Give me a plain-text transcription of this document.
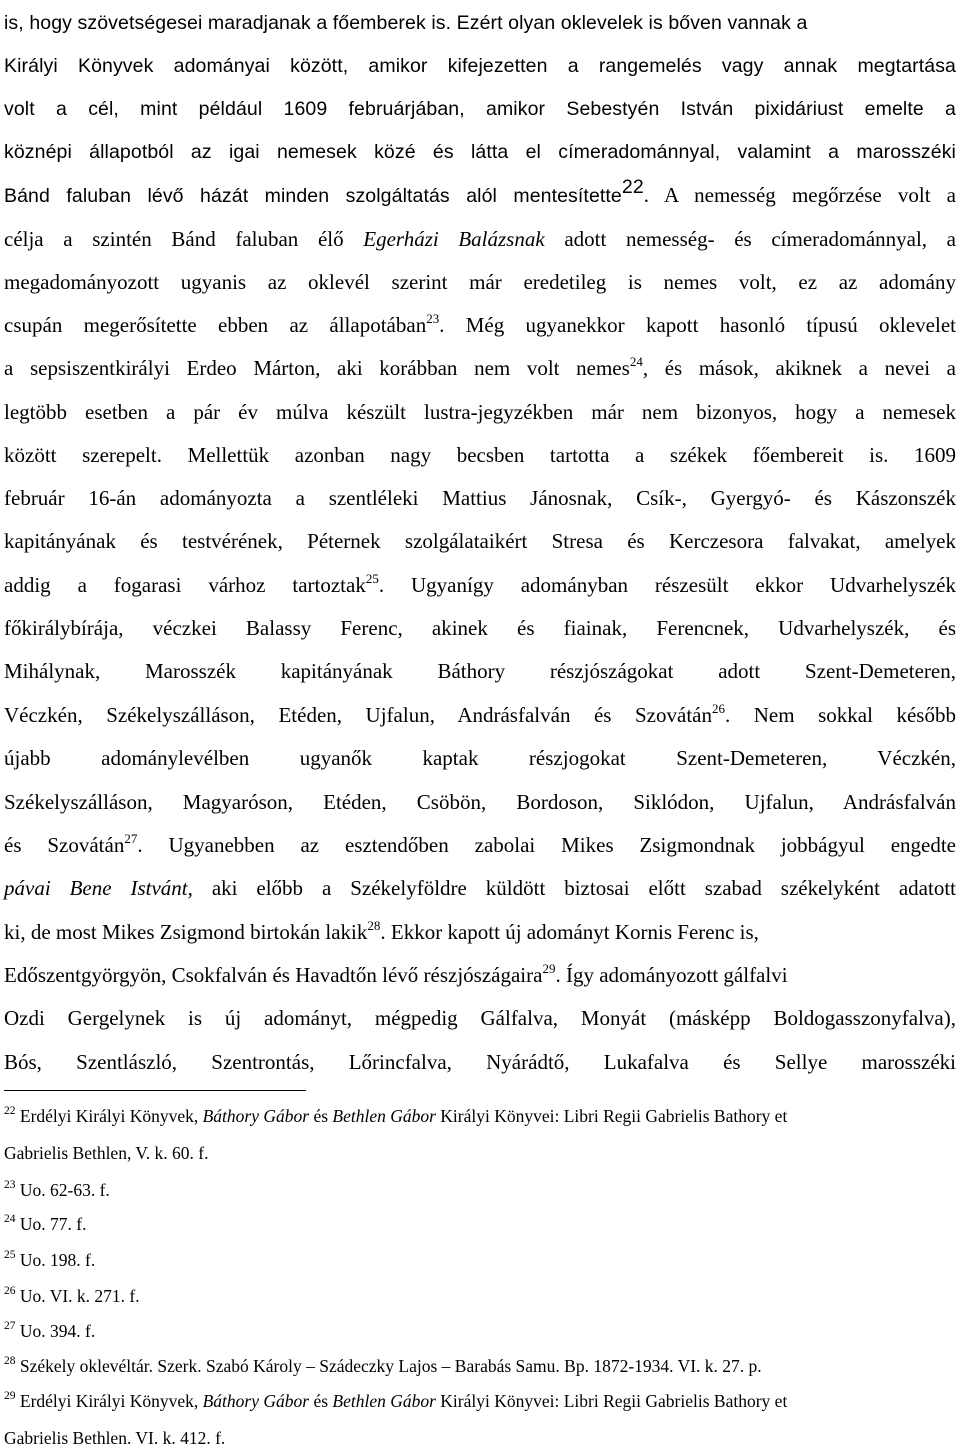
is, hogy szövetségesei maradjanak a főemberek is. Ezért olyan oklevelek is bőven vannak a
Királyi Könyvek adományai között, amikor kifejezetten a rangemelés vagy annak megtartása
volt a cél, mint például 1609 februárjában, amikor Sebestyén István pixidáriust emelte a
köznépi állapotból az igai nemesek közé és látta el címeradománnyal, valamint a marosszéki
Bánd faluban lévő házát minden szolgáltatás alól mentesítette$^{22}$. A nemesség megőrzése volt a
célja a szintén Bánd faluban élő Egerházi Balázsnak adott nemesség- és címeradománnyal, a
megadományozott ugyanis az oklevél szerint már eredetileg is nemes volt, ez az adomány
csupán megerősítette ebben az állapotában$^{23}$. Még ugyanekkor kapott hasonló típusú oklevelet
a sepsiszentkirályi Erdeo Márton, aki korábban nem volt nemes$^{24}$, és mások, akiknek a nevei a
legtöbb esetben a pár év múlva készült lustra-jegyzékben már nem bizonyos, hogy a nemesek
között szerepelt. Mellettük azonban nagy becsben tartotta a székek főembereit is. 1609
február 16-án adományozta a szentléleki Mattius Jánosnak, Csík-, Gyergyó- és Kászonszék
kapitányának és testvérének, Péternek szolgálataikért Stresa és Kerczesora falvakat, amelyek
addig a fogarasi várhoz tartoztak$^{25}$. Ugyanígy adományban részesült ekkor Udvarhelyszék
főkirálybírája, véczkei Balassy Ferenc, akinek és fiainak, Ferencnek, Udvarhelyszék, és
Mihálynak, Marosszék kapitányának Báthory részjószágokat adott Szent-Demeteren,
Véczkén, Székelyszálláson, Etéden, Ujfalun, Andrásfalván és Szovátán$^{26}$. Nem sokkal később
újabb adománylevélben ugyanők kaptak részjogokat Szent-Demeteren, Véczkén,
Székelyszálláson, Magyaróson, Etéden, Csöbön, Bordoson, Siklódon, Ujfalun, Andrásfalván
és Szovátán$^{27}$. Ugyanebben az esztendőben zabolai Mikes Zsigmondnak jobbágyul engedte
pávai Bene Istvánt, aki előbb a Székelyföldre küldött biztosai előtt szabad székelyként adatott
ki, de most Mikes Zsigmond birtokán lakik$^{28}$. Ekkor kapott új adományt Kornis Ferenc is,
Edőszentgyörgyön, Csokfalván és Havadtőn lévő részjószágaira$^{29}$. Így adományozott gálfalvi
Ozdi Gergelynek is új adományt, mégpedig Gálfalva, Monyát (másképp Boldogasszonyfalva),
Bós, Szentlászló, Szentrontás, Lőrincfalva, Nyárádtő, Lukafalva és Sellye marosszéki
$^{22}$ Erdélyi Királyi Könyvek, Báthory Gábor és Bethlen Gábor Királyi Könyvei: Libri Regii Gabrielis Bathory et
Gabrielis Bethlen, V. k. 60. f.
$^{23}$ Uo. 62-63. f.
$^{24}$ Uo. 77. f.
$^{25}$ Uo. 198. f.
$^{26}$ Uo. VI. k. 271. f.
$^{27}$ Uo. 394. f.
$^{28}$ Székely oklevéltár. Szerk. Szabó Károly – Szádeczky Lajos – Barabás Samu. Bp. 1872-1934. VI. k. 27. p.
$^{29}$ Erdélyi Királyi Könyvek, Báthory Gábor és Bethlen Gábor Királyi Könyvei: Libri Regii Gabrielis Bathory et
Gabrielis Bethlen. VI. k. 412. f.
